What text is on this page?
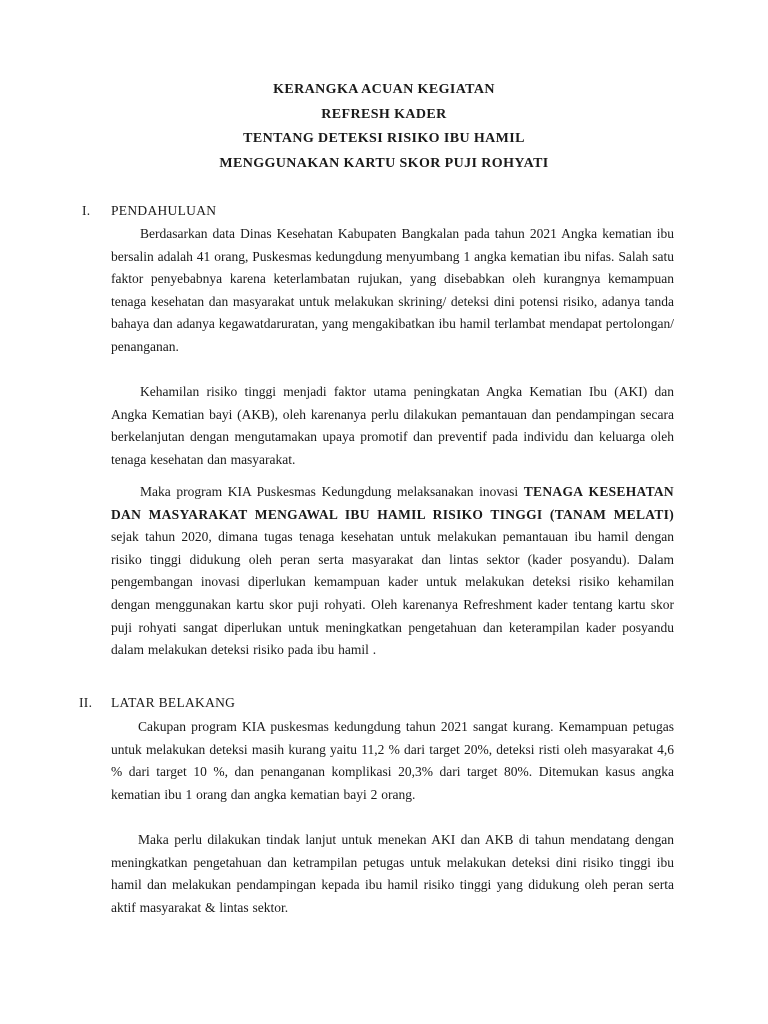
KERANGKA ACUAN KEGIATAN
REFRESH KADER
TENTANG DETEKSI RISIKO IBU HAMIL
MENGGUNAKAN KARTU SKOR PUJI ROHYATI
I. PENDAHULUAN

Berdasarkan data Dinas Kesehatan Kabupaten Bangkalan pada tahun 2021 Angka kematian ibu bersalin adalah 41 orang, Puskesmas kedungdung menyumbang 1 angka kematian ibu nifas. Salah satu faktor penyebabnya karena keterlambatan rujukan, yang disebabkan oleh kurangnya kemampuan tenaga kesehatan dan masyarakat untuk melakukan skrining/ deteksi dini potensi risiko, adanya tanda bahaya dan adanya kegawatdaruratan, yang mengakibatkan ibu hamil terlambat mendapat pertolongan/ penanganan.

Kehamilan risiko tinggi menjadi faktor utama peningkatan Angka Kematian Ibu (AKI) dan Angka Kematian bayi (AKB), oleh karenanya perlu dilakukan pemantauan dan pendampingan secara berkelanjutan dengan mengutamakan upaya promotif dan preventif pada individu dan keluarga oleh tenaga kesehatan dan masyarakat.

Maka program KIA Puskesmas Kedungdung melaksanakan inovasi TENAGA KESEHATAN DAN MASYARAKAT MENGAWAL IBU HAMIL RISIKO TINGGI (TANAM MELATI) sejak tahun 2020, dimana tugas tenaga kesehatan untuk melakukan pemantauan ibu hamil dengan risiko tinggi didukung oleh peran serta masyarakat dan lintas sektor (kader posyandu). Dalam pengembangan inovasi diperlukan kemampuan kader untuk melakukan deteksi risiko kehamilan dengan menggunakan kartu skor puji rohyati. Oleh karenanya Refreshment kader tentang kartu skor puji rohyati sangat diperlukan untuk meningkatkan pengetahuan dan keterampilan kader posyandu dalam melakukan deteksi risiko pada ibu hamil .

II. LATAR BELAKANG

Cakupan program KIA puskesmas kedungdung tahun 2021 sangat kurang. Kemampuan petugas untuk melakukan deteksi masih kurang yaitu 11,2 % dari target 20%, deteksi risti oleh masyarakat 4,6 % dari target 10 %, dan penanganan komplikasi 20,3% dari target 80%. Ditemukan kasus angka kematian ibu 1 orang dan angka kematian bayi 2 orang.

Maka perlu dilakukan tindak lanjut untuk menekan AKI dan AKB di tahun mendatang dengan meningkatkan pengetahuan dan ketrampilan petugas untuk melakukan deteksi dini risiko tinggi ibu hamil dan melakukan pendampingan kepada ibu hamil risiko tinggi yang didukung oleh peran serta aktif masyarakat & lintas sektor.
